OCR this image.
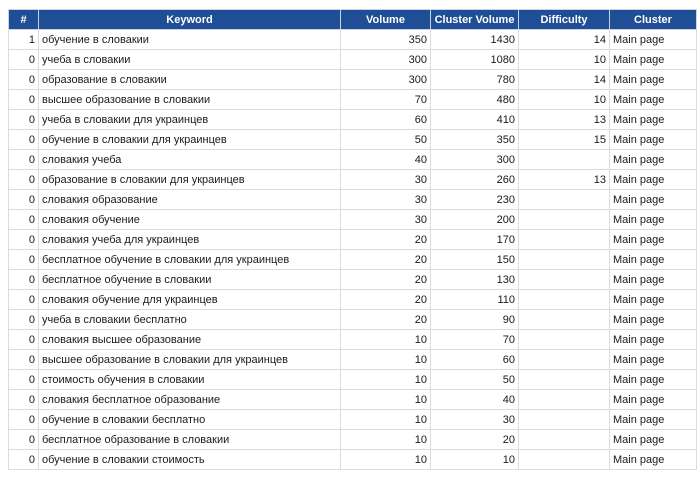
#	Keyword	Volume	Cluster Volume	Difficulty	Cluster
1	обучение в словакии	350	1430	14	Main page
0	учеба в словакии	300	1080	10	Main page
0	образование в словакии	300	780	14	Main page
0	высшее образование в словакии	70	480	10	Main page
0	учеба в словакии для украинцев	60	410	13	Main page
0	обучение в словакии для украинцев	50	350	15	Main page
0	словакия учеба	40	300		Main page
0	образование в словакии для украинцев	30	260	13	Main page
0	словакия образование	30	230		Main page
0	словакия обучение	30	200		Main page
0	словакия учеба для украинцев	20	170		Main page
0	бесплатное обучение в словакии для украинцев	20	150		Main page
0	бесплатное обучение в словакии	20	130		Main page
0	словакия обучение для украинцев	20	110		Main page
0	учеба в словакии бесплатно	20	90		Main page
0	словакия высшее образование	10	70		Main page
0	высшее образование в словакии для украинцев	10	60		Main page
0	стоимость обучения в словакии	10	50		Main page
0	словакия бесплатное образование	10	40		Main page
0	обучение в словакии бесплатно	10	30		Main page
0	бесплатное образование в словакии	10	20		Main page
0	обучение в словакии стоимость	10	10		Main page
